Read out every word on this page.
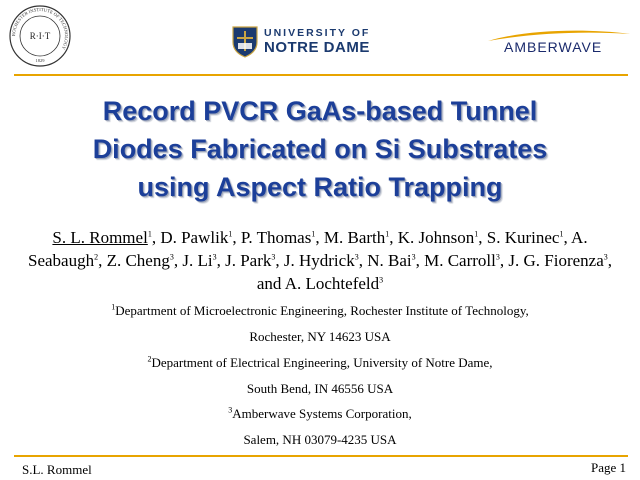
ROCHESTER INSTITUTE OF TECHNOLOGY
R·I·T
1829
UNIVERSITY OF
NOTRE DAME	AMBERWAVE
Record PVCR GaAs-based Tunnel
Diodes Fabricated on Si Substrates
using Aspect Ratio Trapping
S. L. Rommel$^1$, D. Pawlik$^1$, P. Thomas$^1$, M. Barth$^1$, K. Johnson$^1$, S. Kurinec$^1$, A. Seabaugh$^2$, Z. Cheng$^3$, J. Li$^3$, J. Park$^3$, J. Hydrick$^3$, N. Bai$^3$, M. Carroll$^3$, J. G. Fiorenza$^3$, and A. Lochtefeld$^3$
$^1$Department of Microelectronic Engineering, Rochester Institute of Technology,
Rochester, NY 14623 USA
$^2$Department of Electrical Engineering, University of Notre Dame,
South Bend, IN 46556 USA
$^3$Amberwave Systems Corporation,
Salem, NH 03079-4235 USA
S.L. Rommel	Page 1
